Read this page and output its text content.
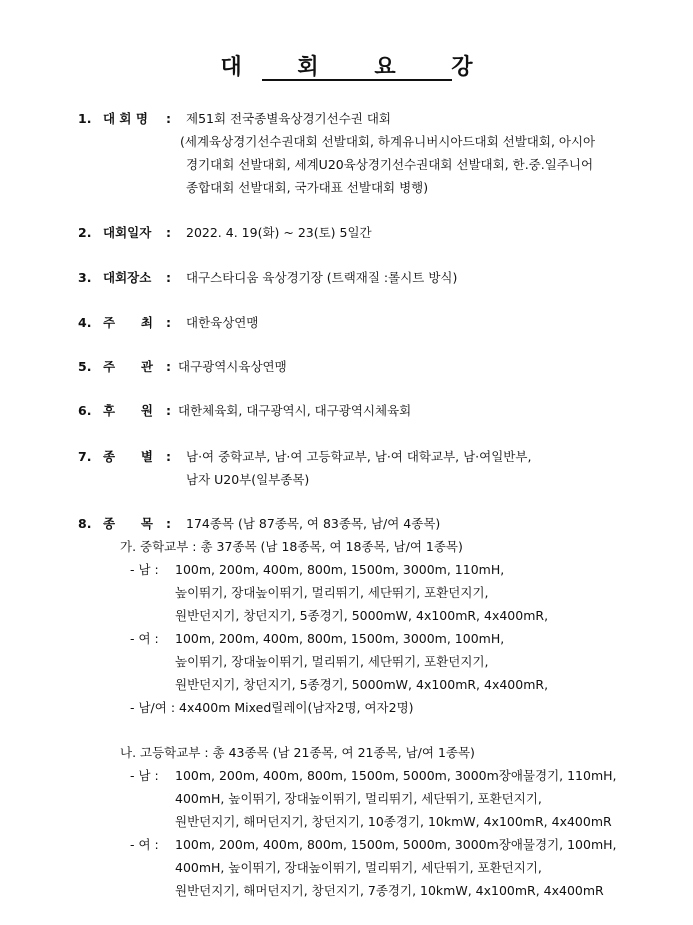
대 회 요 강
1. 대 회 명	: 제51회 전국종별육상경기선수권 대회
(세계육상경기선수권대회 선발대회, 하계유니버시아드대회 선발대회, 아시아
경기대회 선발대회, 세계U20육상경기선수권대회 선발대회, 한.중.일주니어
종합대회 선발대회, 국가대표 선발대회 병행)
2. 대회일자	: 2022. 4. 19(화) ~ 23(토) 5일간
3. 대회장소	: 대구스타디움 육상경기장 (트랙재질 :롤시트 방식)
4. 주 최 : 대한육상연맹
5. 주 관 : 대구광역시육상연맹
6. 후 원 : 대한체육회, 대구광역시, 대구광역시체육회
7. 종 별 : 남·여 중학교부, 남·여 고등학교부, 남·여 대학교부, 남·여일반부,
남자 U20부(일부종목)
8. 종 목 : 174종목 (남 87종목, 여 83종목, 남/여 4종목)
가. 중학교부 : 총 37종목 (남 18종목, 여 18종목, 남/여 1종목)
- 남 : 100m, 200m, 400m, 800m, 1500m, 3000m, 110mH,
높이뛰기, 장대높이뛰기, 멀리뛰기, 세단뛰기, 포환던지기,
원반던지기, 창던지기, 5종경기, 5000mW, 4x100mR, 4x400mR,
- 여 : 100m, 200m, 400m, 800m, 1500m, 3000m, 100mH,
높이뛰기, 장대높이뛰기, 멀리뛰기, 세단뛰기, 포환던지기,
원반던지기, 창던지기, 5종경기, 5000mW, 4x100mR, 4x400mR,
- 남/여 : 4x400m Mixed릴레이(남자2명, 여자2명)
나. 고등학교부 : 총 43종목 (남 21종목, 여 21종목, 남/여 1종목)
- 남 : 100m, 200m, 400m, 800m, 1500m, 5000m, 3000m장애물경기, 110mH,
400mH, 높이뛰기, 장대높이뛰기, 멀리뛰기, 세단뛰기, 포환던지기,
원반던지기, 해머던지기, 창던지기, 10종경기, 10kmW, 4x100mR, 4x400mR
- 여 : 100m, 200m, 400m, 800m, 1500m, 5000m, 3000m장애물경기, 100mH,
400mH, 높이뛰기, 장대높이뛰기, 멀리뛰기, 세단뛰기, 포환던지기,
원반던지기, 해머던지기, 창던지기, 7종경기, 10kmW, 4x100mR, 4x400mR
